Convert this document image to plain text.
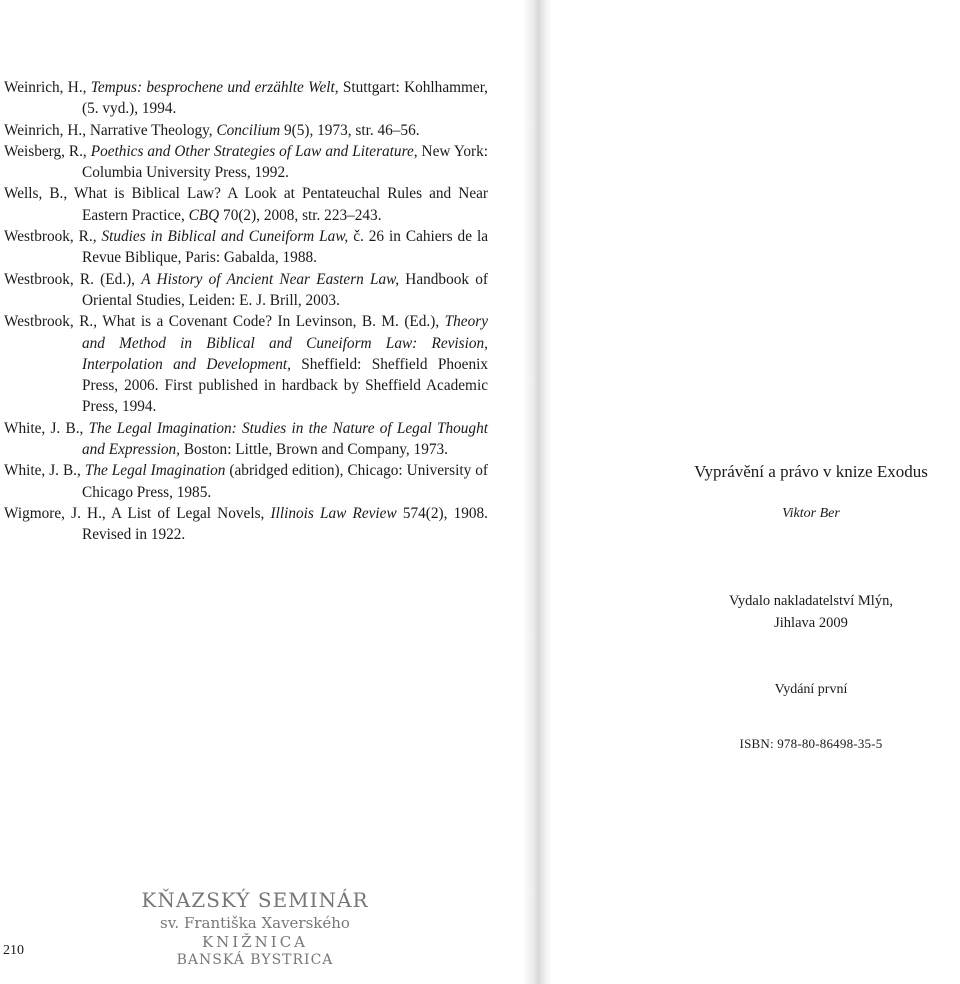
Weinrich, H., Tempus: besprochene und erzählte Welt, Stuttgart: Kohlhammer, (5. vyd.), 1994.
Weinrich, H., Narrative Theology, Concilium 9(5), 1973, str. 46–56.
Weisberg, R., Poethics and Other Strategies of Law and Literature, New York: Columbia University Press, 1992.
Wells, B., What is Biblical Law? A Look at Pentateuchal Rules and Near Eastern Practice, CBQ 70(2), 2008, str. 223–243.
Westbrook, R., Studies in Biblical and Cuneiform Law, č. 26 in Cahiers de la Revue Biblique, Paris: Gabalda, 1988.
Westbrook, R. (Ed.), A History of Ancient Near Eastern Law, Handbook of Oriental Studies, Leiden: E. J. Brill, 2003.
Westbrook, R., What is a Covenant Code? In Levinson, B. M. (Ed.), Theory and Method in Biblical and Cuneiform Law: Revision, Interpolation and Development, Sheffield: Sheffield Phoenix Press, 2006. First published in hardback by Sheffield Academic Press, 1994.
White, J. B., The Legal Imagination: Studies in the Nature of Legal Thought and Expression, Boston: Little, Brown and Company, 1973.
White, J. B., The Legal Imagination (abridged edition), Chicago: University of Chicago Press, 1985.
Wigmore, J. H., A List of Legal Novels, Illinois Law Review 574(2), 1908. Revised in 1922.
KŇAZSKÝ SEMINÁR
sv. Františka Xaverského
KNIŽNICA
BANSKÁ BYSTRICA
210
Vyprávění a právo v knize Exodus
Viktor Ber
Vydalo nakladatelství Mlýn,
Jihlava 2009
Vydání první
ISBN: 978-80-86498-35-5
